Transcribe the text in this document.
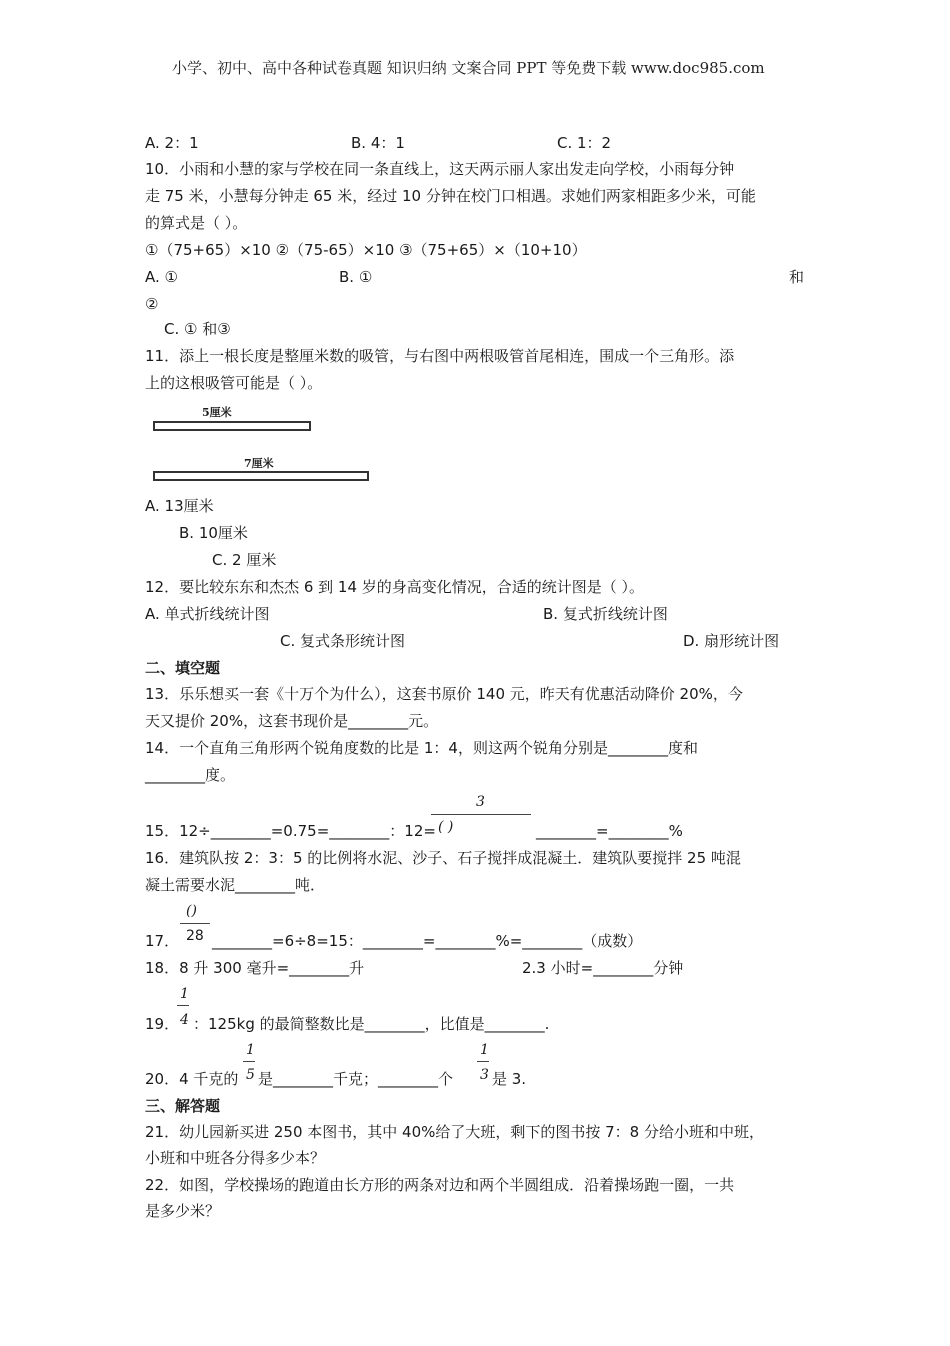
小学、初中、高中各种试卷真题 知识归纳 文案合同 PPT 等免费下载 www.doc985.com
A. 2：1	B. 4：1	C. 1：2
10．小雨和小慧的家与学校在同一条直线上，这天两示丽人家出发走向学校，小雨每分钟
走 75 米，小慧每分钟走 65 米，经过 10 分钟在校门口相遇。求她们两家相距多少米，可能
的算式是（ ）。
①（75+65）×10 ②（75-65）×10 ③（75+65）×（10+10）
A. ①	B. ①	和
②
C. ① 和③
11．添上一根长度是整厘米数的吸管，与右图中两根吸管首尾相连，围成一个三角形。添
上的这根吸管可能是（ ）。
5厘米
7厘米
A. 13厘米
B. 10厘米
C. 2 厘米
12．要比较东东和杰杰 6 到 14 岁的身高变化情况，合适的统计图是（ ）。
A. 单式折线统计图	B. 复式折线统计图
C. 复式条形统计图	D. 扇形统计图
二、填空题
13．乐乐想买一套《十万个为什么），这套书原价 140 元，昨天有优惠活动降价 20%，今
天又提价 20%，这套书现价是________元。
14．一个直角三角形两个锐角度数的比是 1：4，则这两个锐角分别是________度和
________度。
3
( )
15．12÷________=0.75=________：12=	________=________%
16．建筑队按 2：3：5 的比例将水泥、沙子、石子搅拌成混凝土．建筑队要搅拌 25 吨混
凝土需要水泥________吨．
()
28
17． ________=6÷8=15：________=________%=________（成数）
18．8 升 300 毫升=________升	2.3 小时=________分钟
1
4
19． ：125kg 的最简整数比是________，比值是________.
1
5
1
3
20．4 千克的 是________千克；________个	是 3.
三、解答题
21．幼儿园新买进 250 本图书，其中 40%给了大班，剩下的图书按 7：8 分给小班和中班，
小班和中班各分得多少本？
22．如图，学校操场的跑道由长方形的两条对边和两个半圆组成．沿着操场跑一圈，一共
是多少米？
